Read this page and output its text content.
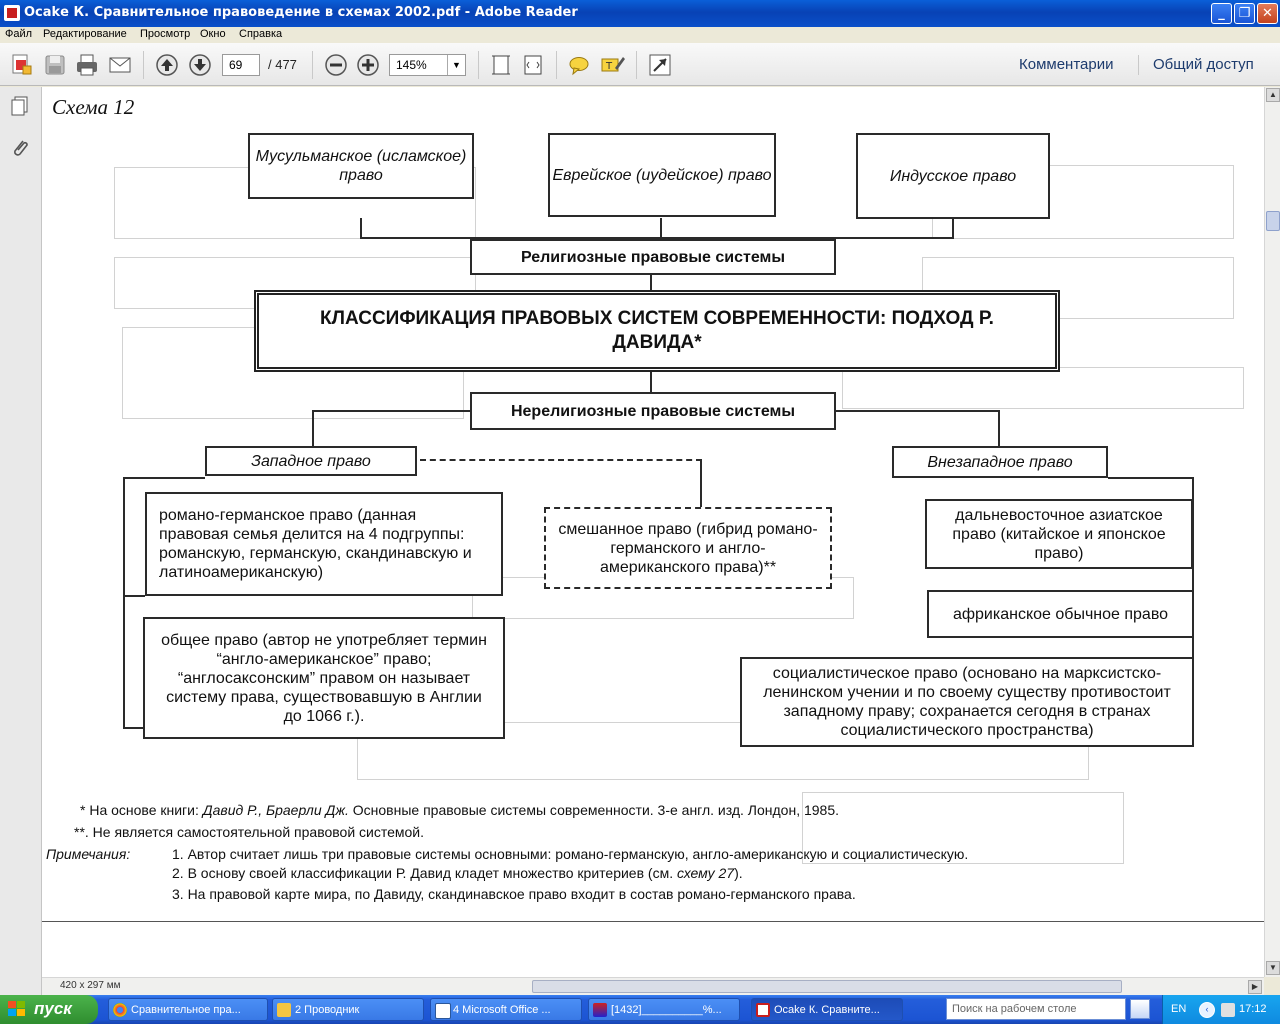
Осаkе К. Сравнительное правоведение в схемах 2002.pdf - Adobe Reader	_	❐ ✕
Файл Редактирование Просмотр Окно Справка
69	/ 477	145%	▼	T	Комментарии	Общий доступ
Схема 12
Мусульманское (исламское) право	Еврейское (иудейское) право	Индусское право
Религиозные правовые системы
КЛАССИФИКАЦИЯ ПРАВОВЫХ СИСТЕМ СОВРЕМЕННОСТИ: ПОДХОД Р. ДАВИДА*
Нерелигиозные правовые системы
Западное право	Внезападное право
романо-германское право (данная правовая семья делится на 4 подгруппы: романскую, германскую, скандинавскую и латиноамериканскую)
смешанное право (гибрид романо-германского и англо-американского права)**
дальневосточное азиатское право (китайское и японское право)
общее право (автор не употребляет термин “англо-американское” право; “англосаксонским” правом он называет систему права, существовавшую в Англии до 1066 г.).
африканское обычное право
социалистическое право (основано на марксистско-ленинском учении и по своему существу противостоит западному праву; сохранается сегодня в странах социалистического пространства)
* На основе книги: Давид Р., Браерли Дж. Основные правовые системы современности. 3-е англ. изд. Лондон, 1985.
**. Не является самостоятельной правовой системой.
Примечания:	1. Автор считает лишь три правовые системы основными: романо-германскую, англо-американскую и социалистическую.
2. В основу своей классификации Р. Давид кладет множество критериев (см. схему 27).
3. На правовой карте мира, по Давиду, скандинавское право входит в состав романо-германского права.
▲
▼
420 x 297 мм	▶
пуск	Сравнительное пра...	2 Проводник	4 Microsoft Office ...	[1432]__________%...	Осаkе К. Сравните...	Поиск на рабочем столе	EN	‹	17:12
